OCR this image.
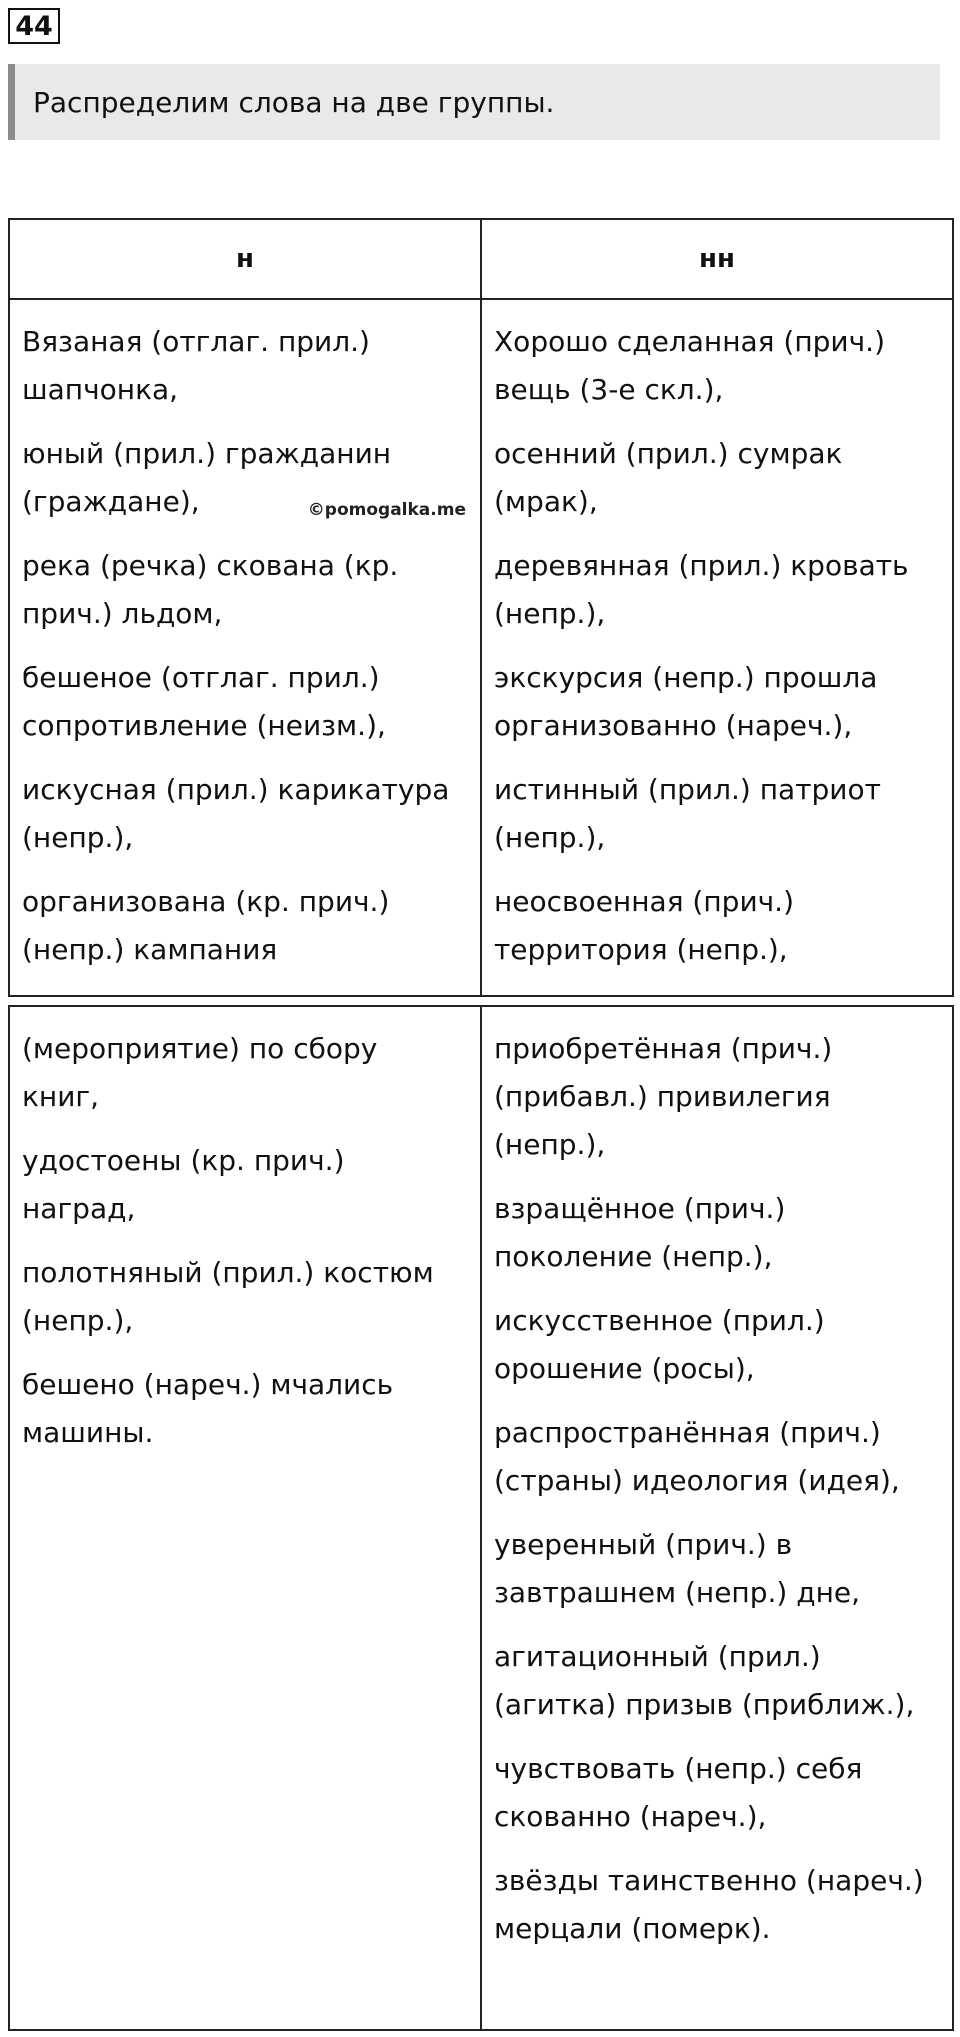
44
Распределим слова на две группы.
н	нн
Вязаная (отглаг. прил.)
шапчонка,
юный (прил.) гражданин
(граждане),
река (речка) скована (кр.
прич.) льдом,
бешеное (отглаг. прил.)
сопротивление (неизм.),
искусная (прил.) карикатура
(непр.),
организована (кр. прич.)
(непр.) кампания
©pomogalka.me
Хорошо сделанная (прич.)
вещь (3-е скл.),
осенний (прил.) сумрак
(мрак),
деревянная (прил.) кровать
(непр.),
экскурсия (непр.) прошла
организованно (нареч.),
истинный (прил.) патриот
(непр.),
неосвоенная (прич.)
территория (непр.),
(мероприятие) по сбору
книг,
удостоены (кр. прич.)
наград,
полотняный (прил.) костюм
(непр.),
бешено (нареч.) мчались
машины.
приобретённая (прич.)
(прибавл.) привилегия
(непр.),
взращённое (прич.)
поколение (непр.),
искусственное (прил.)
орошение (росы),
распространённая (прич.)
(страны) идеология (идея),
уверенный (прич.) в
завтрашнем (непр.) дне,
агитационный (прил.)
(агитка) призыв (приближ.),
чувствовать (непр.) себя
скованно (нареч.),
звёзды таинственно (нареч.)
мерцали (померк).
